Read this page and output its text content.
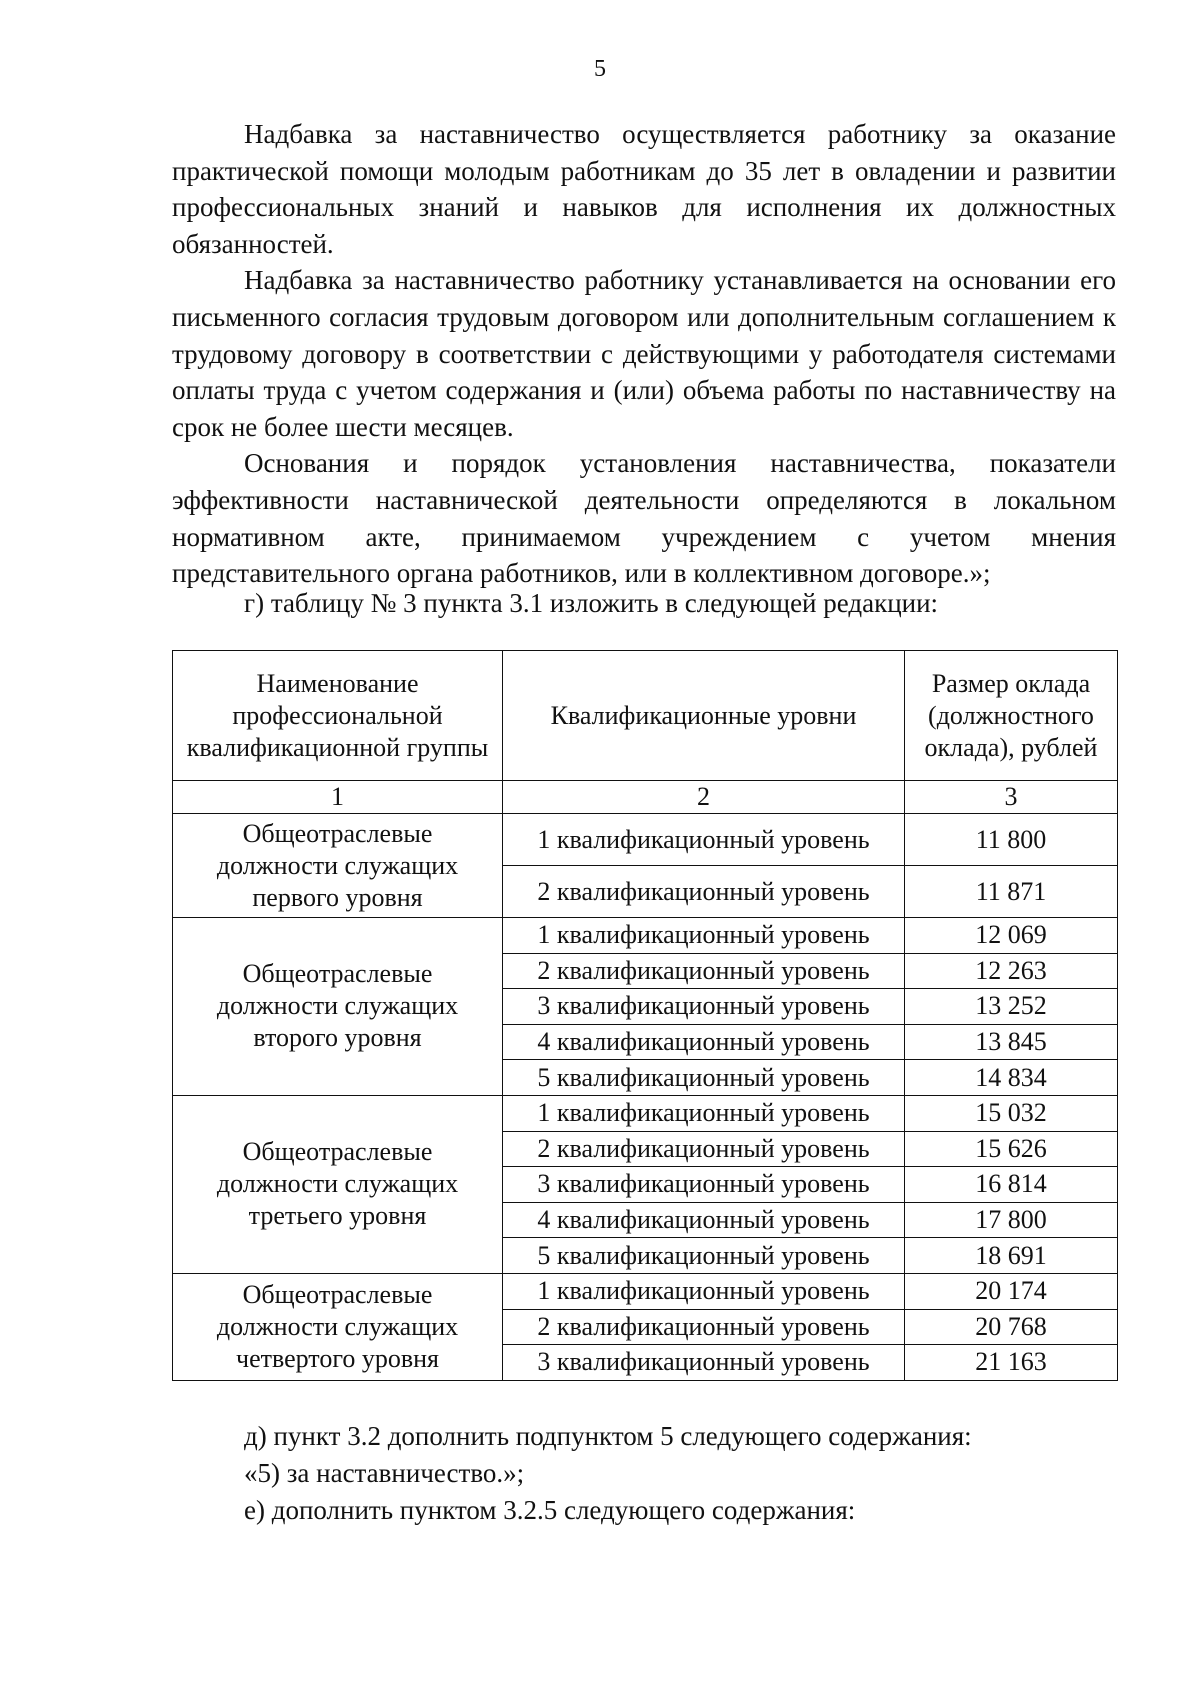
5

Надбавка за наставничество осуществляется работнику за оказание практической помощи молодым работникам до 35 лет в овладении и развитии профессиональных знаний и навыков для исполнения их должностных обязанностей.

Надбавка за наставничество работнику устанавливается на основании его письменного согласия трудовым договором или дополнительным соглашением к трудовому договору в соответствии с действующими у работодателя системами оплаты труда с учетом содержания и (или) объема работы по наставничеству на срок не более шести месяцев.

Основания и порядок установления наставничества, показатели эффективности наставнической деятельности определяются в локальном нормативном акте, принимаемом учреждением с учетом мнения представительного органа работников, или в коллективном договоре.»;

г) таблицу № 3 пункта 3.1 изложить в следующей редакции:

Наименование профессиональной квалификационной группы	Квалификационные уровни	Размер оклада (должностного оклада), рублей
1	2	3
Общеотраслевые должности служащих первого уровня	1 квалификационный уровень	11 800
	2 квалификационный уровень	11 871
Общеотраслевые должности служащих второго уровня	1 квалификационный уровень	12 069
	2 квалификационный уровень	12 263
	3 квалификационный уровень	13 252
	4 квалификационный уровень	13 845
	5 квалификационный уровень	14 834
Общеотраслевые должности служащих третьего уровня	1 квалификационный уровень	15 032
	2 квалификационный уровень	15 626
	3 квалификационный уровень	16 814
	4 квалификационный уровень	17 800
	5 квалификационный уровень	18 691
Общеотраслевые должности служащих четвертого уровня	1 квалификационный уровень	20 174
	2 квалификационный уровень	20 768
	3 квалификационный уровень	21 163

д) пункт 3.2 дополнить подпунктом 5 следующего содержания:

«5) за наставничество.»;

е) дополнить пунктом 3.2.5 следующего содержания:
